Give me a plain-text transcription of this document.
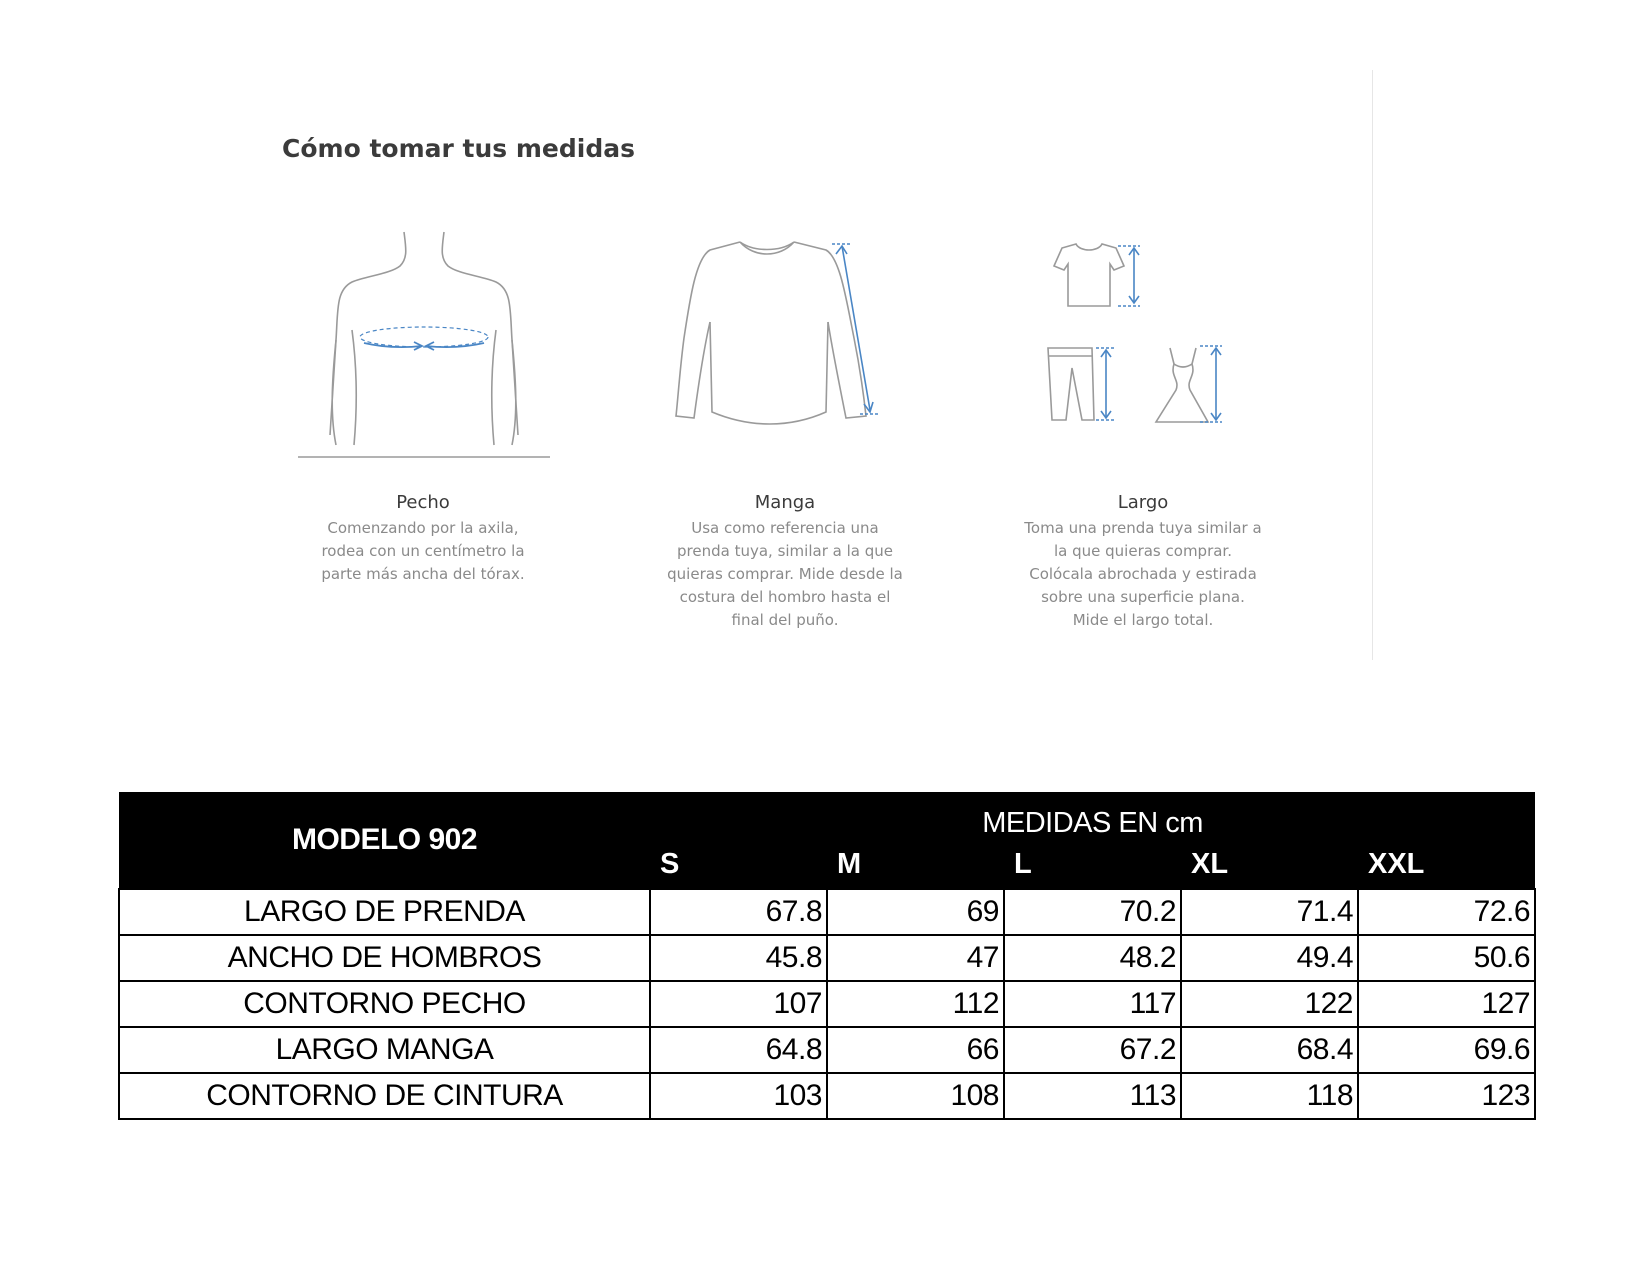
Cómo tomar tus medidas
Pecho
Comenzando por la axila,
rodea con un centímetro la
parte más ancha del tórax.
Manga
Usa como referencia una
prenda tuya, similar a la que
quieras comprar. Mide desde la
costura del hombro hasta el
final del puño.
Largo
Toma una prenda tuya similar a
la que quieras comprar.
Colócala abrochada y estirada
sobre una superficie plana.
Mide el largo total.
MODELO 902	MEDIDAS EN cm				
	S	M	L	XL	XXL
LARGO DE PRENDA	67.8	69	70.2	71.4	72.6
ANCHO DE HOMBROS	45.8	47	48.2	49.4	50.6
CONTORNO PECHO	107	112	117	122	127
LARGO MANGA	64.8	66	67.2	68.4	69.6
CONTORNO DE CINTURA	103	108	113	118	123
